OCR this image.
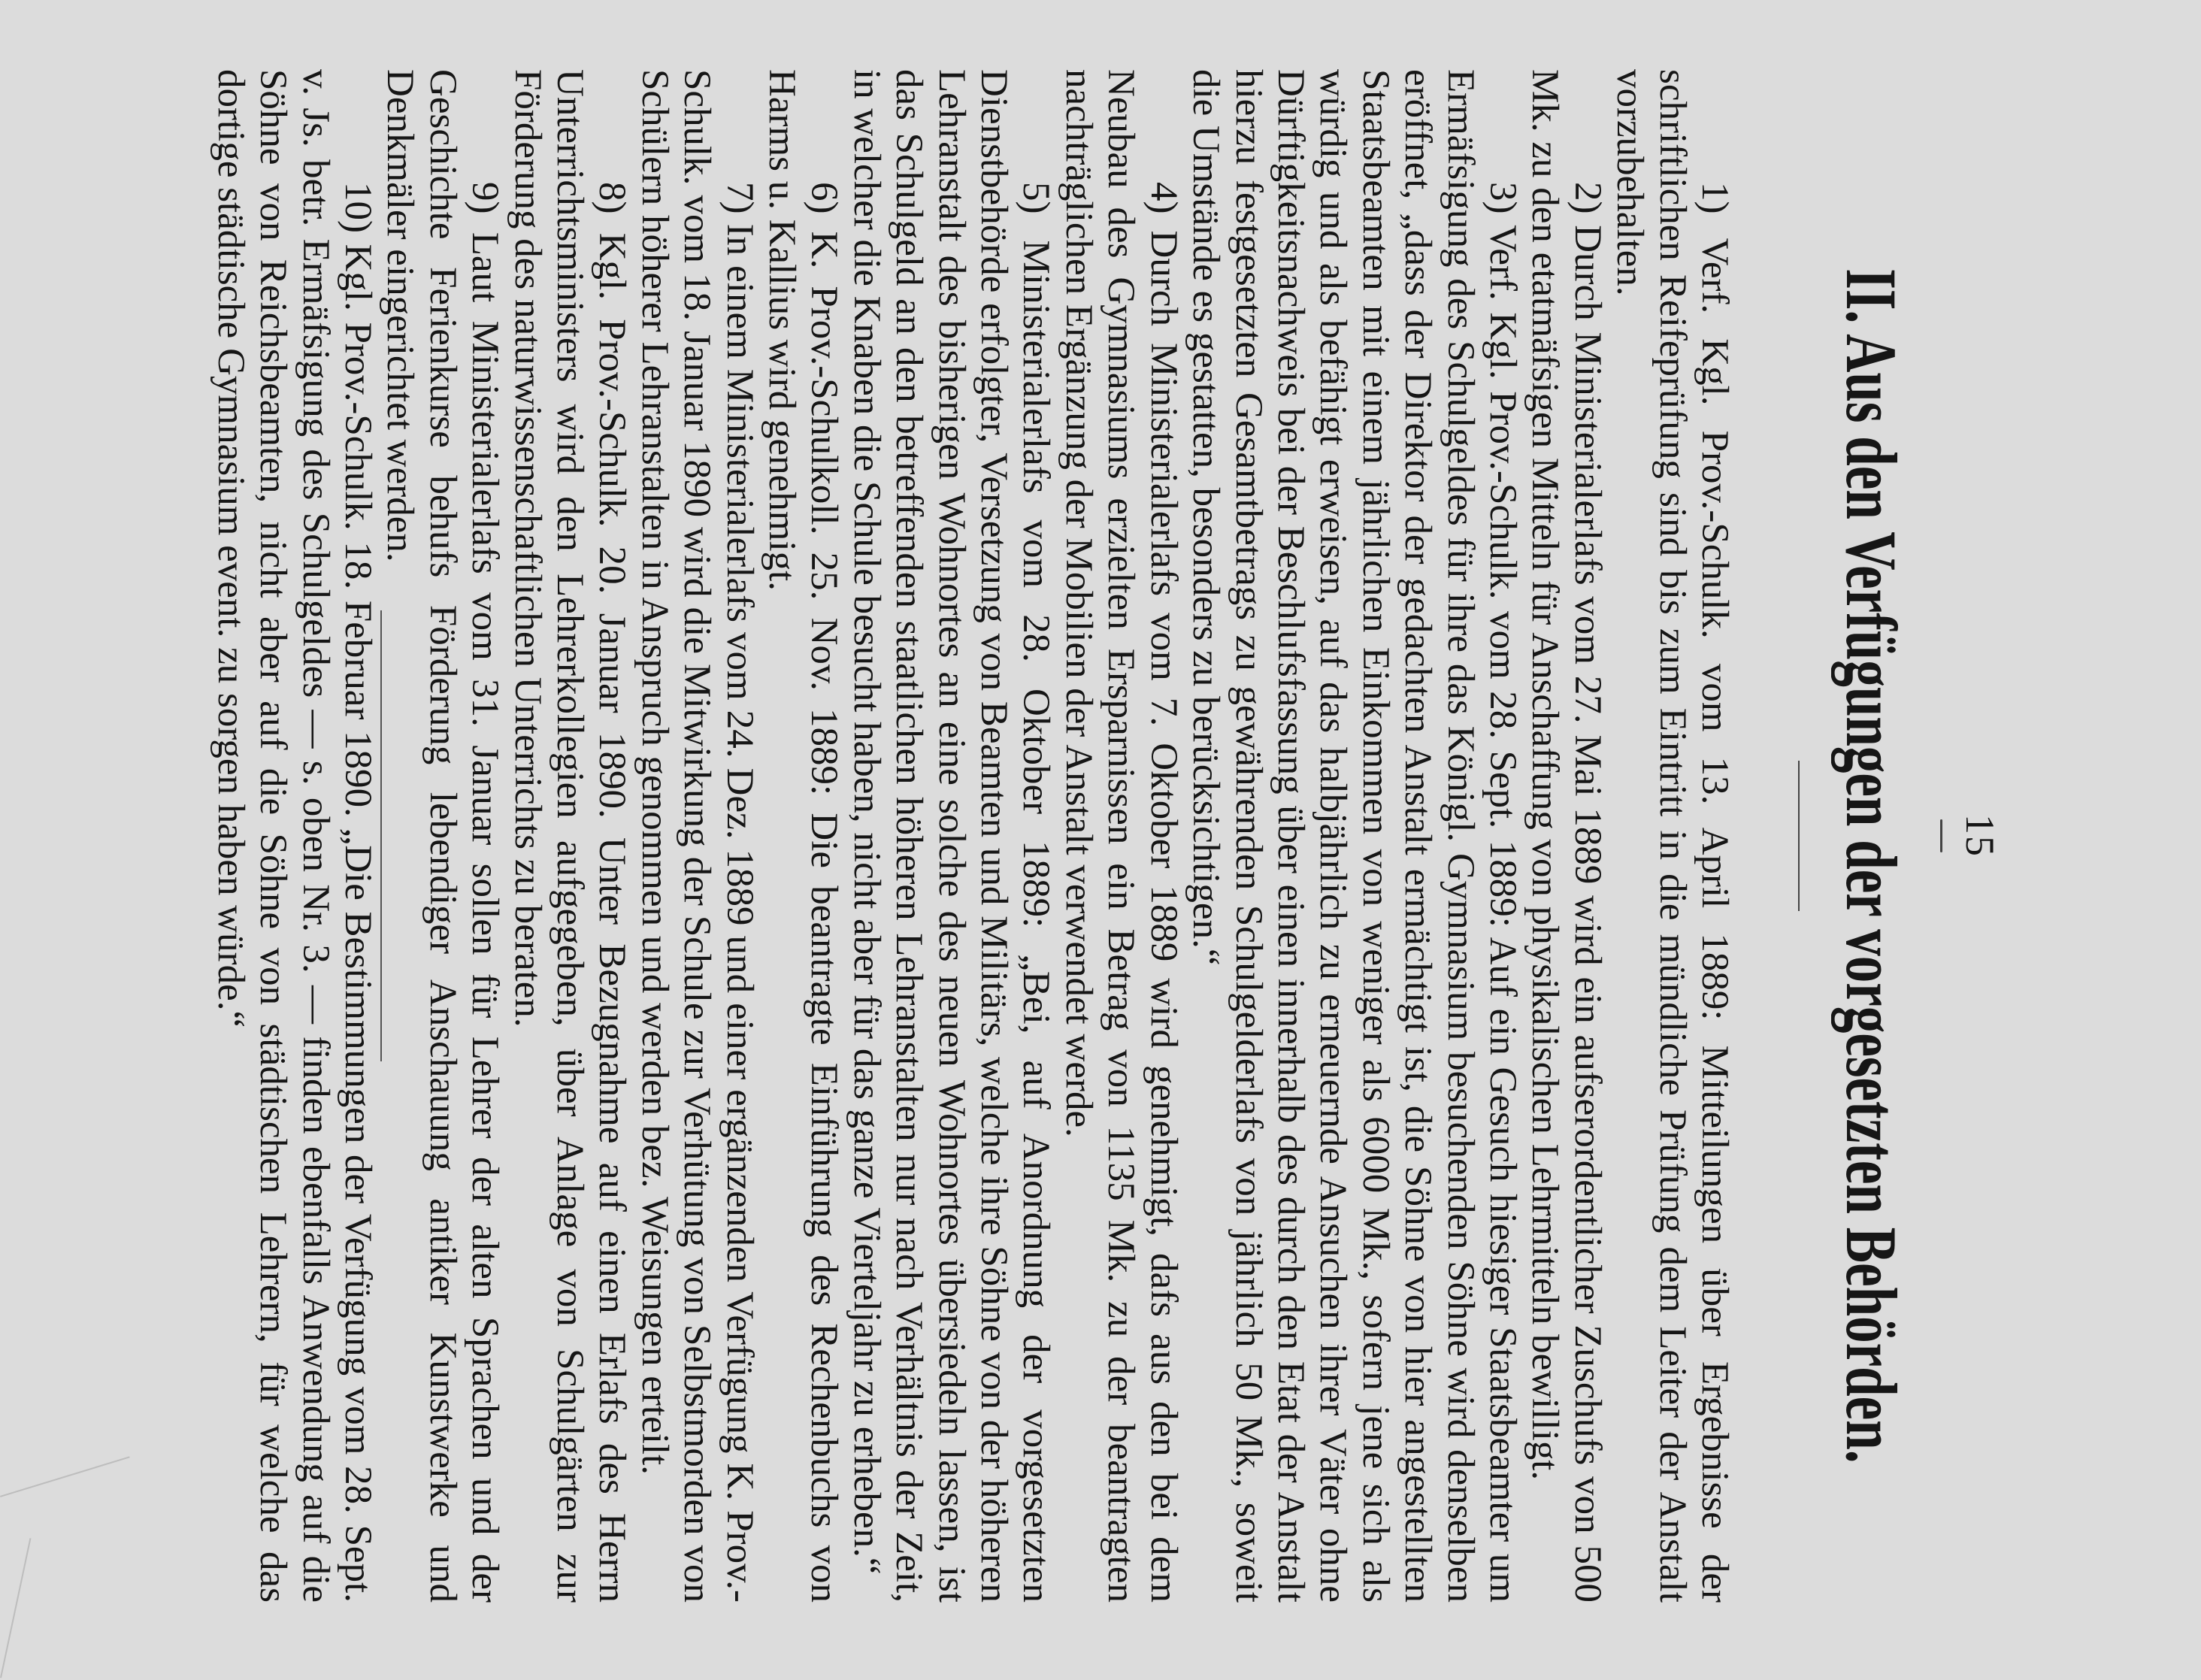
15
II. Aus den Verfügungen der vorgesetzten Behörden.

1) Verf. Kgl. Prov.-Schulk. vom 13. April 1889: Mitteilungen über Ergebnisse der schriftlichen Reifeprüfung sind bis zum Eintritt in die mündliche Prüfung dem Leiter der Anstalt vorzubehalten.

2) Durch Ministerialerlafs vom 27. Mai 1889 wird ein aufserordentlicher Zuschufs von 500 Mk. zu den etatmäfsigen Mitteln für Anschaffung von physikalischen Lehrmitteln bewilligt.

3) Verf. Kgl. Prov.-Schulk. vom 28. Sept. 1889: Auf ein Gesuch hiesiger Staatsbeamter um Ermäfsigung des Schulgeldes für ihre das Königl. Gymnasium besuchenden Söhne wird denselben eröffnet, „dass der Direktor der gedachten Anstalt ermächtigt ist, die Söhne von hier angestellten Staatsbeamten mit einem jährlichen Einkommen von weniger als 6000 Mk., sofern jene sich als würdig und als befähigt erweisen, auf das halbjährlich zu erneuernde Ansuchen ihrer Väter ohne Dürftigkeitsnachweis bei der Beschlufsfassung über einen innerhalb des durch den Etat der Anstalt hierzu festgesetzten Gesamtbetrags zu gewährenden Schulgelderlafs von jährlich 50 Mk., soweit die Umstände es gestatten, besonders zu berücksichtigen.“

4) Durch Ministerialerlafs vom 7. Oktober 1889 wird genehmigt, dafs aus den bei dem Neubau des Gymnasiums erzielten Ersparnissen ein Betrag von 1135 Mk. zu der beantragten nachträglichen Ergänzung der Mobilien der Anstalt verwendet werde.

5) Ministerialerlafs vom 28. Oktober 1889: „Bei, auf Anordnung der vorgesetzten Dienstbehörde erfolgter, Versetzung von Beamten und Militärs, welche ihre Söhne von der höheren Lehranstalt des bisherigen Wohnortes an eine solche des neuen Wohnortes übersiedeln lassen, ist das Schulgeld an den betreffenden staatlichen höheren Lehranstalten nur nach Verhältnis der Zeit, in welcher die Knaben die Schule besucht haben, nicht aber für das ganze Vierteljahr zu erheben.“

6) K. Prov.-Schulkoll. 25. Nov. 1889: Die beantragte Einführung des Rechenbuchs von Harms u. Kallius wird genehmigt.

7) In einem Ministerialerlafs vom 24. Dez. 1889 und einer ergänzenden Verfügung K. Prov.-Schulk. vom 18. Januar 1890 wird die Mitwirkung der Schule zur Verhütung von Selbstmorden von Schülern höherer Lehranstalten in Anspruch genommen und werden bez. Weisungen erteilt.

8) Kgl. Prov.-Schulk. 20. Januar 1890. Unter Bezugnahme auf einen Erlafs des Herrn Unterrichtsministers wird den Lehrerkollegien aufgegeben, über Anlage von Schulgärten zur Förderung des naturwissenschaftlichen Unterrichts zu beraten.

9) Laut Ministerialerlafs vom 31. Januar sollen für Lehrer der alten Sprachen und der Geschichte Ferienkurse behufs Förderung lebendiger Anschauung antiker Kunstwerke und Denkmäler eingerichtet werden.

10) Kgl. Prov.-Schulk. 18. Februar 1890. „Die Bestimmungen der Verfügung vom 28. Sept. v. Js. betr. Ermäfsigung des Schulgeldes — s. oben Nr. 3. — finden ebenfalls Anwendung auf die Söhne von Reichsbeamten, nicht aber auf die Söhne von städtischen Lehrern, für welche das dortige städtische Gymnasium event. zu sorgen haben würde.“
